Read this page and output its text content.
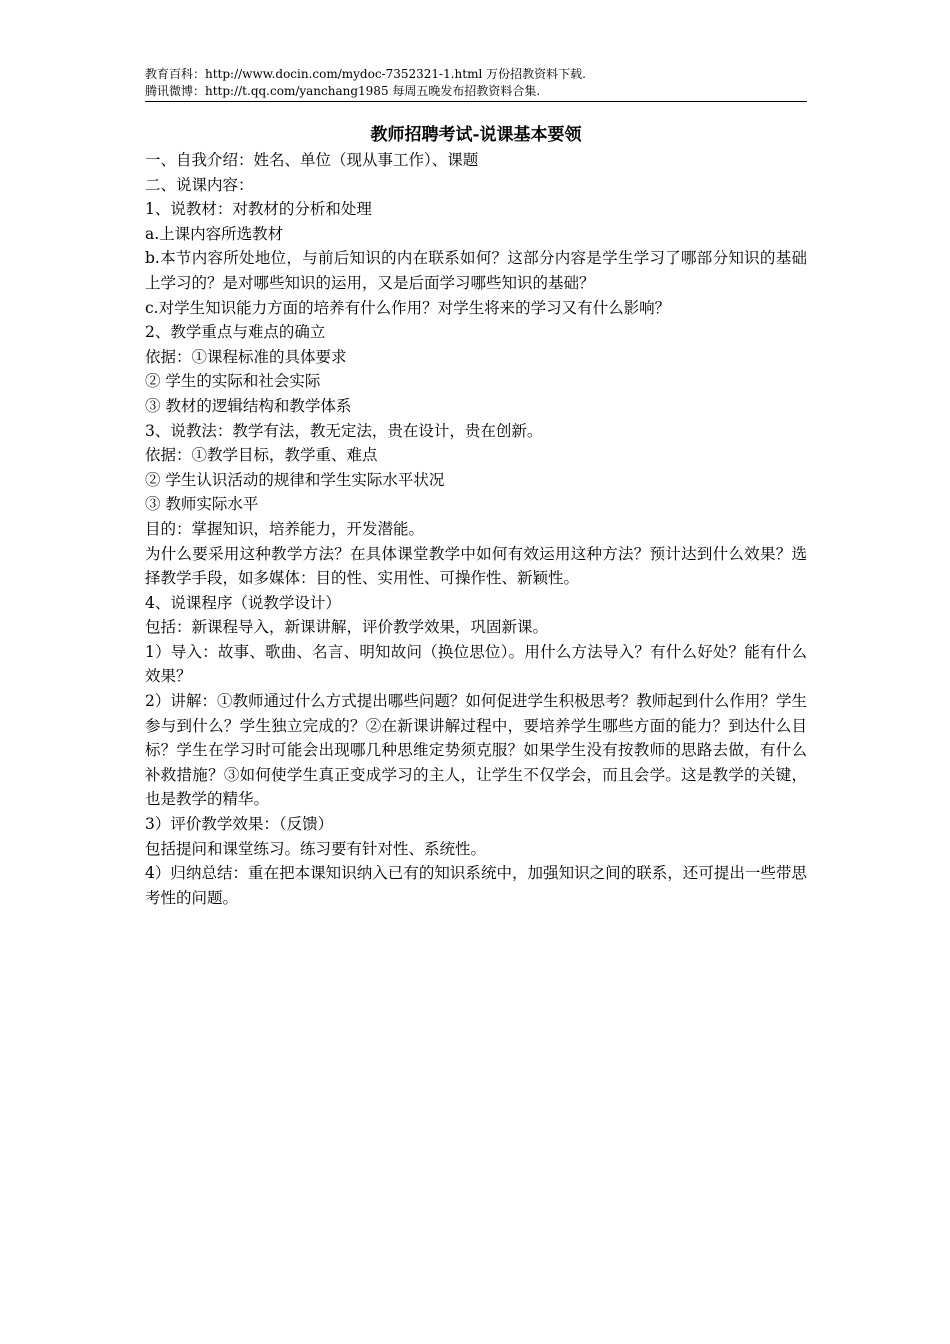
教育百科：http://www.docin.com/mydoc-7352321-1.html 万份招教资料下载.
腾讯微博：http://t.qq.com/yanchang1985 每周五晚发布招教资料合集.
教师招聘考试-说课基本要领
一、自我介绍：姓名、单位（现从事工作）、课题
二、说课内容：
1、说教材：对教材的分析和处理
a.上课内容所选教材
b.本节内容所处地位，与前后知识的内在联系如何？这部分内容是学生学习了哪部分知识的基础上学习的？是对哪些知识的运用，又是后面学习哪些知识的基础？
c.对学生知识能力方面的培养有什么作用？对学生将来的学习又有什么影响？
2、教学重点与难点的确立
依据：①课程标准的具体要求
② 学生的实际和社会实际
③ 教材的逻辑结构和教学体系
3、说教法：教学有法，教无定法，贵在设计，贵在创新。
依据：①教学目标，教学重、难点
② 学生认识活动的规律和学生实际水平状况
③ 教师实际水平
目的：掌握知识，培养能力，开发潜能。
为什么要采用这种教学方法？在具体课堂教学中如何有效运用这种方法？预计达到什么效果？选择教学手段，如多媒体：目的性、实用性、可操作性、新颖性。
4、说课程序（说教学设计）
包括：新课程导入，新课讲解，评价教学效果，巩固新课。
1）导入：故事、歌曲、名言、明知故问（换位思位）。用什么方法导入？有什么好处？能有什么效果？
2）讲解：①教师通过什么方式提出哪些问题？如何促进学生积极思考？教师起到什么作用？学生参与到什么？学生独立完成的？②在新课讲解过程中，要培养学生哪些方面的能力？到达什么目标？学生在学习时可能会出现哪几种思维定势须克服？如果学生没有按教师的思路去做，有什么补救措施？③如何使学生真正变成学习的主人，让学生不仅学会，而且会学。这是教学的关键，也是教学的精华。
3）评价教学效果：（反馈）
包括提问和课堂练习。练习要有针对性、系统性。
4）归纳总结：重在把本课知识纳入已有的知识系统中，加强知识之间的联系，还可提出一些带思考性的问题。
